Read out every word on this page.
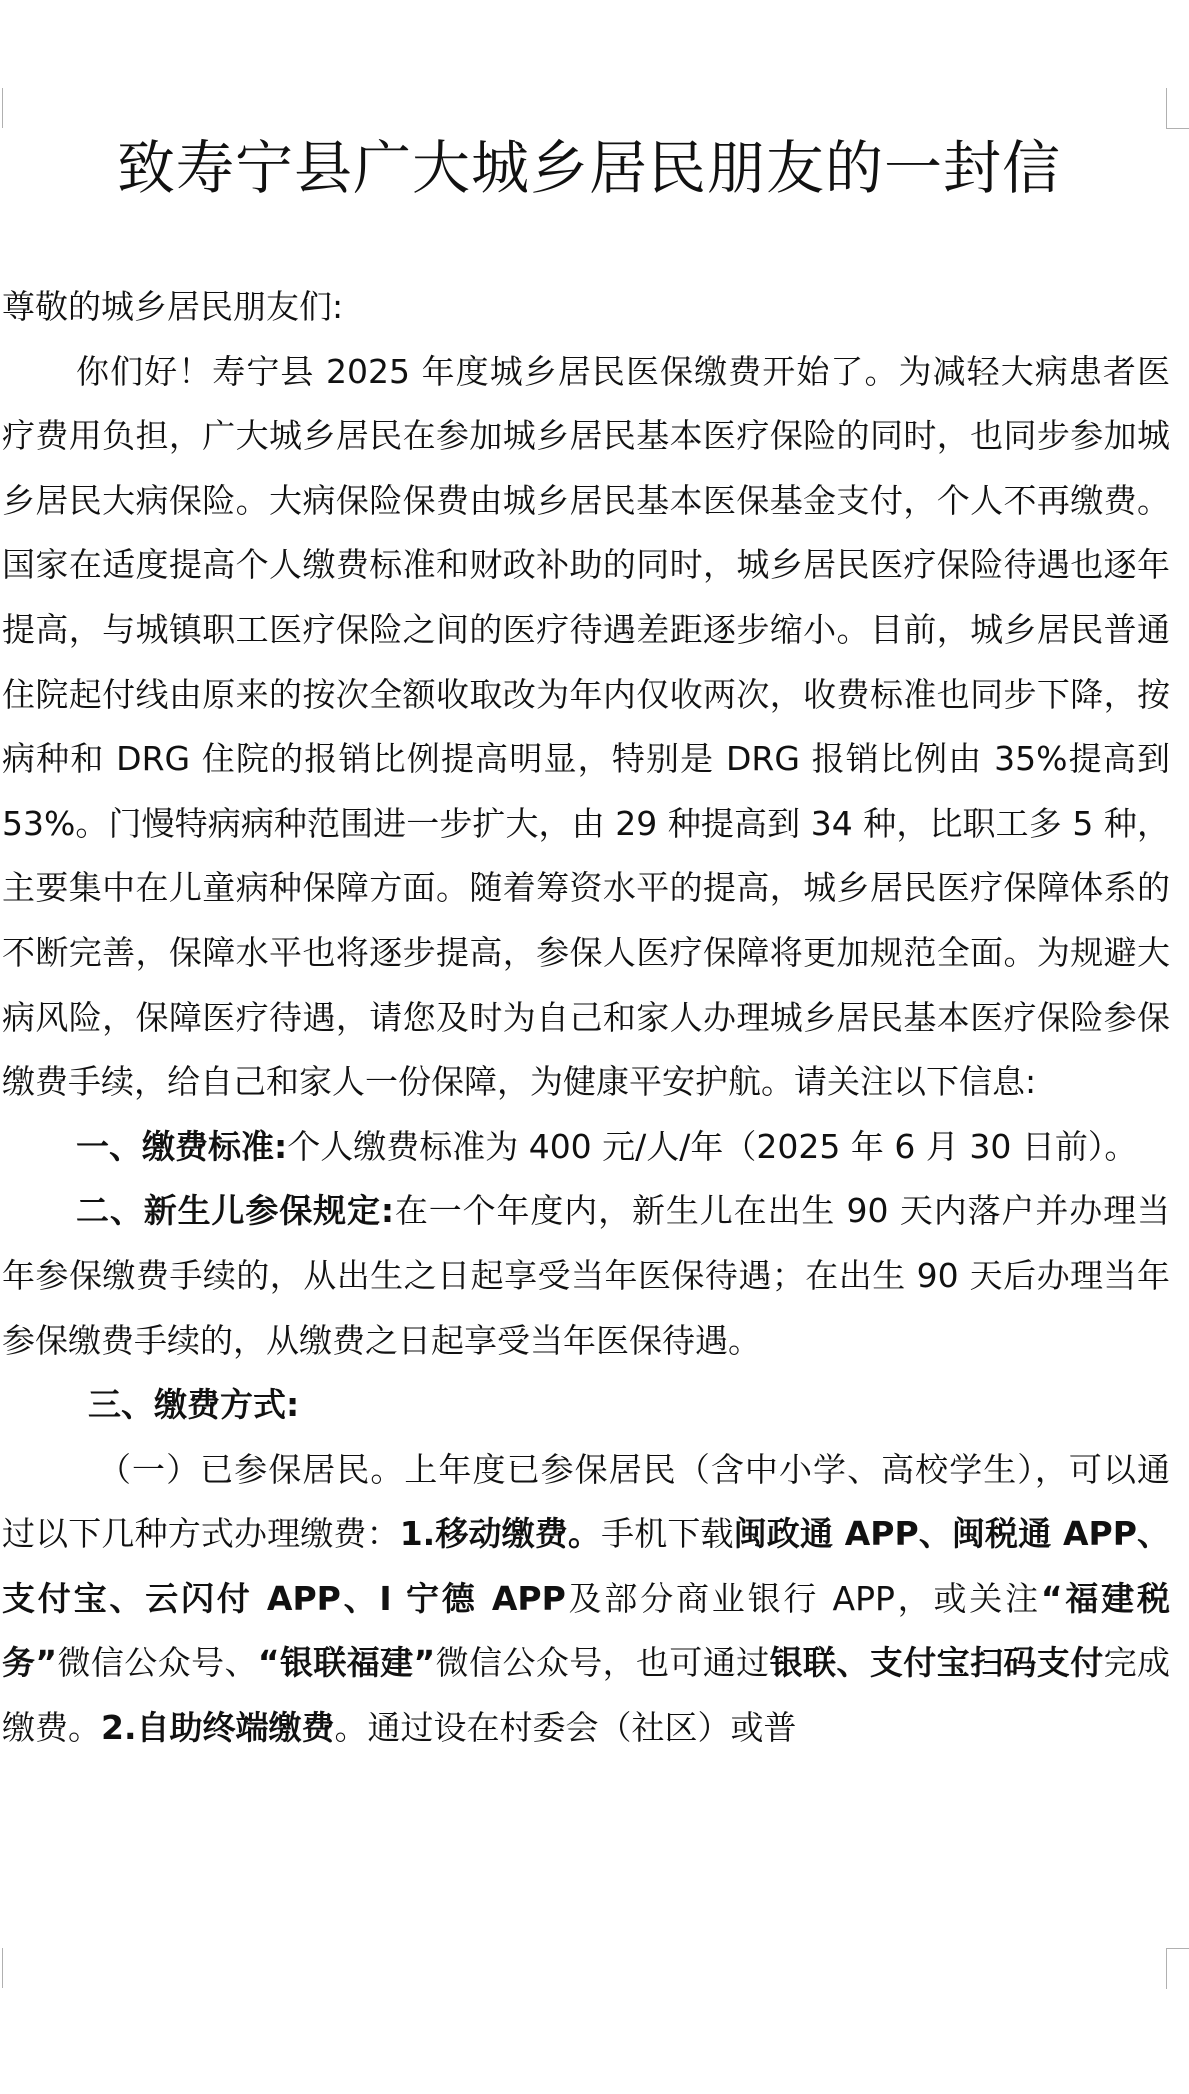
致寿宁县广大城乡居民朋友的一封信

尊敬的城乡居民朋友们:

你们好！寿宁县 2025 年度城乡居民医保缴费开始了。为减轻大病患者医疗费用负担，广大城乡居民在参加城乡居民基本医疗保险的同时，也同步参加城乡居民大病保险。大病保险保费由城乡居民基本医保基金支付，个人不再缴费。国家在适度提高个人缴费标准和财政补助的同时，城乡居民医疗保险待遇也逐年提高，与城镇职工医疗保险之间的医疗待遇差距逐步缩小。目前，城乡居民普通住院起付线由原来的按次全额收取改为年内仅收两次，收费标准也同步下降，按病种和 DRG 住院的报销比例提高明显，特别是 DRG 报销比例由 35%提高到 53%。门慢特病病种范围进一步扩大，由 29 种提高到 34 种，比职工多 5 种，主要集中在儿童病种保障方面。随着筹资水平的提高，城乡居民医疗保障体系的不断完善，保障水平也将逐步提高，参保人医疗保障将更加规范全面。为规避大病风险，保障医疗待遇，请您及时为自己和家人办理城乡居民基本医疗保险参保缴费手续，给自己和家人一份保障，为健康平安护航。请关注以下信息:

一、缴费标准:个人缴费标准为 400 元/人/年（2025 年 6 月 30 日前）。

二、新生儿参保规定:在一个年度内，新生儿在出生 90 天内落户并办理当年参保缴费手续的，从出生之日起享受当年医保待遇；在出生 90 天后办理当年参保缴费手续的，从缴费之日起享受当年医保待遇。

三、缴费方式:

（一）已参保居民。上年度已参保居民（含中小学、高校学生），可以通过以下几种方式办理缴费：1.移动缴费。手机下载闽政通 APP、闽税通 APP、支付宝、云闪付 APP、I 宁德 APP及部分商业银行 APP，或关注“福建税务”微信公众号、“银联福建”微信公众号，也可通过银联、支付宝扫码支付完成缴费。2.自助终端缴费。通过设在村委会（社区）或普
